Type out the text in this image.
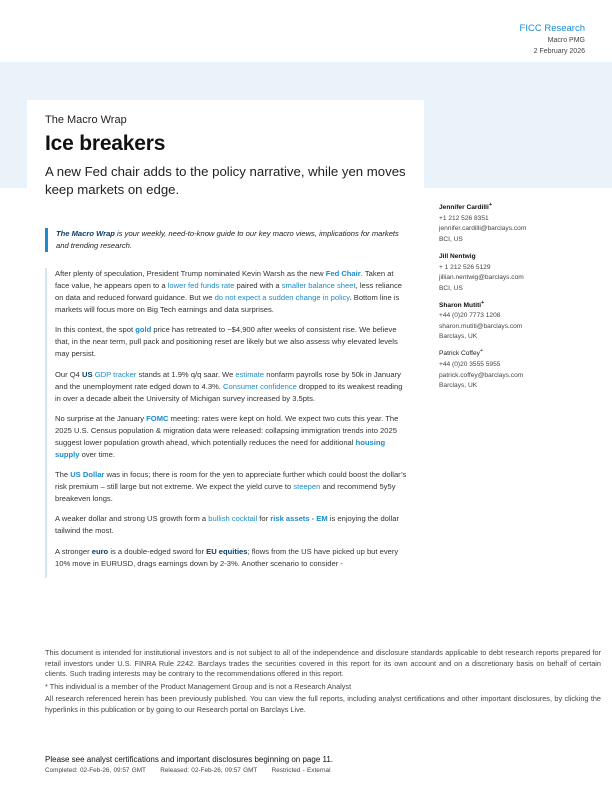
FICC Research
Macro PMG
2 February 2026
The Macro Wrap
Ice breakers
A new Fed chair adds to the policy narrative, while yen moves keep markets on edge.
The Macro Wrap is your weekly, need-to-know guide to our key macro views, implications for markets and trending research.

After plenty of speculation, President Trump nominated Kevin Warsh as the new Fed Chair. Taken at face value, he appears open to a lower fed funds rate paired with a smaller balance sheet, less reliance on data and reduced forward guidance. But we do not expect a sudden change in policy. Bottom line is markets will focus more on Big Tech earnings and data surprises.

In this context, the spot gold price has retreated to ~$4,900 after weeks of consistent rise. We believe that, in the near term, pull pack and positioning reset are likely but we also assess why elevated levels may persist.

Our Q4 US GDP tracker stands at 1.9% q/q saar. We estimate nonfarm payrolls rose by 50k in January and the unemployment rate edged down to 4.3%. Consumer confidence dropped to its weakest reading in over a decade albeit the University of Michigan survey increased by 3.5pts.

No surprise at the January FOMC meeting: rates were kept on hold. We expect two cuts this year. The 2025 U.S. Census population & migration data were released: collapsing immigration trends into 2025 suggest lower population growth ahead, which potentially reduces the need for additional housing supply over time.

The US Dollar was in focus; there is room for the yen to appreciate further which could boost the dollar’s risk premium – still large but not extreme. We expect the yield curve to steepen and recommend 5y5y breakeven longs.

A weaker dollar and strong US growth form a bullish cocktail for risk assets - EM is enjoying the dollar tailwind the most.

A stronger euro is a double-edged sword for EU equities; flows from the US have picked up but every 10% move in EURUSD, drags earnings down by 2-3%. Another scenario to consider -

Jennifer Cardilli+
+1 212 526 8351
jennifer.cardilli@barclays.com
BCI, US
Jill Nentwig
+ 1 212 526 5129
jillian.nentwig@barclays.com
BCI, US
Sharon Mutiti+
+44 (0)20 7773 1208
sharon.mutiti@barclays.com
Barclays, UK
Patrick Coffey+
+44 (0)20 3555 5955
patrick.coffey@barclays.com
Barclays, UK

This document is intended for institutional investors and is not subject to all of the independence and disclosure standards applicable to debt research reports prepared for retail investors under U.S. FINRA Rule 2242. Barclays trades the securities covered in this report for its own account and on a discretionary basis on behalf of certain clients. Such trading interests may be contrary to the recommendations offered in this report.

* This individual is a member of the Product Management Group and is not a Research Analyst

All research referenced herein has been previously published. You can view the full reports, including analyst certifications and other important disclosures, by clicking the hyperlinks in this publication or by going to our Research portal on Barclays Live.

Please see analyst certifications and important disclosures beginning on page 11.
Completed: 02-Feb-26, 09:57 GMT Released: 02-Feb-26, 09:57 GMT Restricted - External
